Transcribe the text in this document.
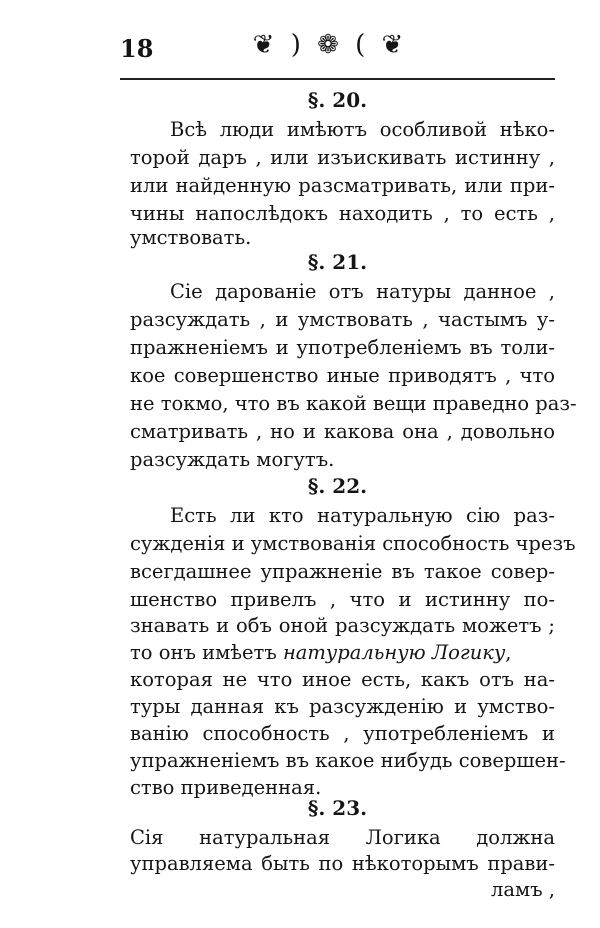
18	❦ ) ❁ ( ❦
§. 20.
Всѣ люди имѣютъ особливой нѣко-
торой даръ , или изъискивать истинну ,
или найденную разсматривать, или при-
чины напослѣдокъ находить , то есть ,
умствовать.
§. 21.
Сіе дарованіе отъ натуры данное ,
разсуждать , и умствовать , частымъ у-
пражненіемъ и употребленіемъ въ толи-
кое совершенство иные приводятъ , что
не токмо, что въ какой вещи праведно раз-
сматривать , но и какова она , довольно
разсуждать могутъ.
§. 22.
Есть ли кто натуральную сію раз-
сужденія и умствованія способность чрезъ
всегдашнее упражненіе въ такое совер-
шенство привелъ , что и истинну по-
знавать и объ оной разсуждать можетъ ;
то онъ имѣетъ натуральную Логику,
которая не что иное есть, какъ отъ на-
туры данная къ разсужденію и умство-
ванію способность , употребленіемъ и
упражненіемъ въ какое нибудь совершен-
ство приведенная.
§. 23.
Сія натуральная Логика должна
управляема быть по нѣкоторымъ прави-
ламъ ,
